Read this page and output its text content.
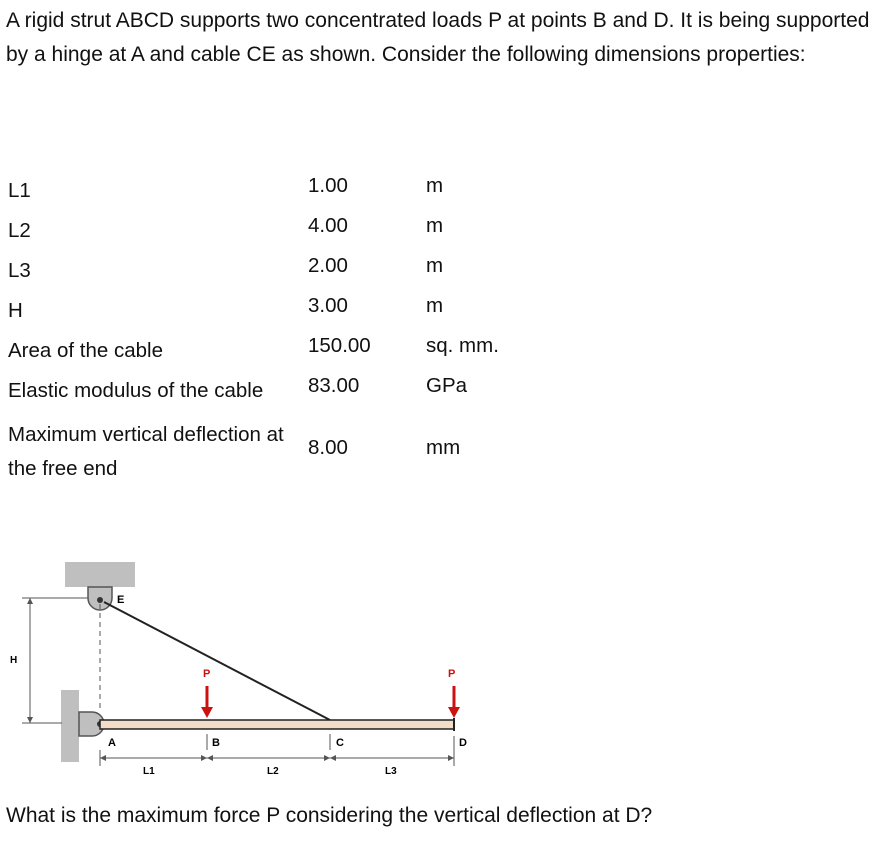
A rigid strut ABCD supports two concentrated loads P at points B and D. It is being supported by a hinge at A and cable CE as shown. Consider the following dimensions properties:

L1	1.00	m
L2	4.00	m
L3	2.00	m
H	3.00	m
Area of the cable	150.00	sq. mm.
Elastic modulus of the cable	83.00	GPa
Maximum vertical deflection at the free end
8.00	mm
E
H
P	P
A	B	C	D
L1	L2	L3

What is the maximum force P considering the vertical deflection at D?
